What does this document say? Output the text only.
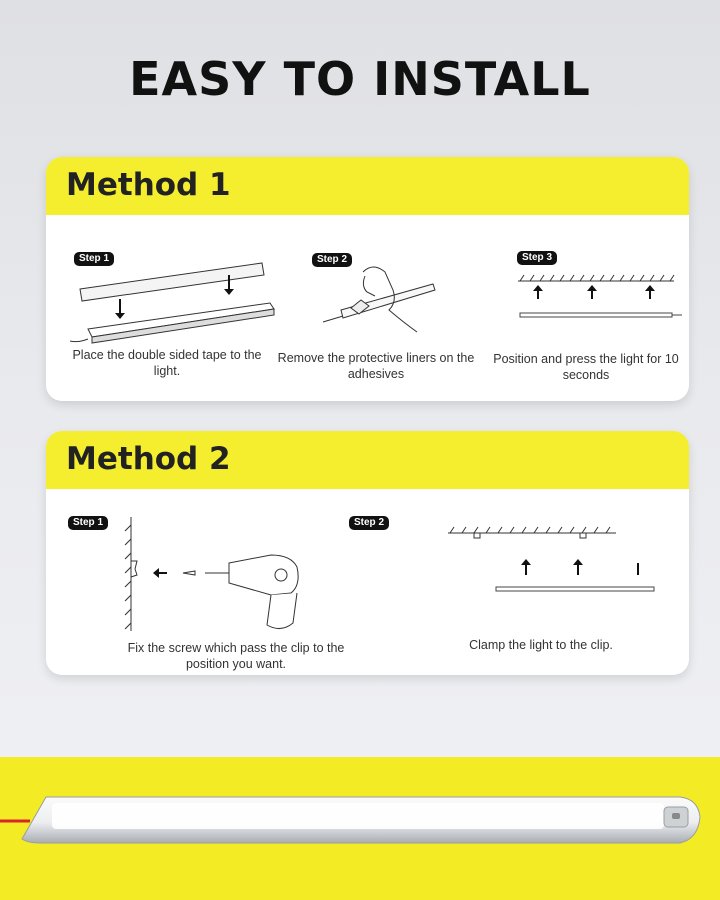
EASY TO INSTALL
Method 1
Step 1
Place the double sided tape to the light.
Step 2
Remove the protective liners on the adhesives
Step 3
Position and press the light for 10 seconds
Method 2
Step 1
Fix the screw which pass the clip to the position you want.
Step 2
Clamp the light to the clip.
